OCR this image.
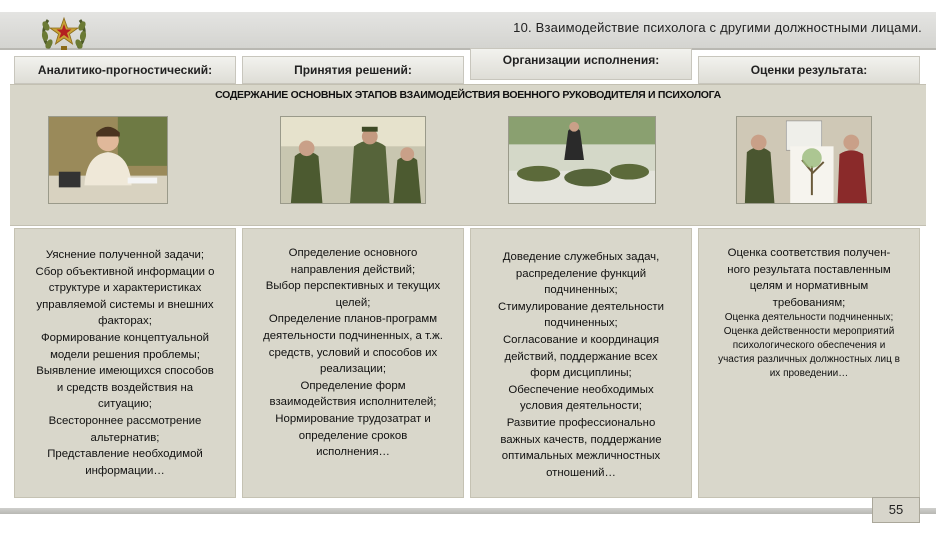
10. Взаимодействие психолога с другими должностными лицами.
Аналитико-прогностический:	Принятия решений:
Организации исполнения:
Оценки результата:
СОДЕРЖАНИЕ ОСНОВНЫХ ЭТАПОВ ВЗАИМОДЕЙСТВИЯ ВОЕННОГО РУКОВОДИТЕЛЯ И ПСИХОЛОГА
Уяснение полученной задачи;
Сбор объективной информации о
структуре и характеристиках
управляемой системы и внешних
факторах;
Формирование концептуальной
модели решения проблемы;
Выявление имеющихся способов
и средств воздействия на
ситуацию;
Всестороннее рассмотрение
альтернатив;
Представление необходимой
информации…
Определение основного
направления действий;
Выбор перспективных и текущих
целей;
Определение планов-программ
деятельности подчиненных, а т.ж.
средств, условий и способов их
реализации;
Определение форм
взаимодействия исполнителей;
Нормирование трудозатрат и
определение сроков
исполнения…
Доведение служебных задач,
распределение функций
подчиненных;
Стимулирование деятельности
подчиненных;
Согласование и координация
действий, поддержание всех
форм дисциплины;
Обеспечение необходимых
условия деятельности;
Развитие профессионально
важных качеств, поддержание
оптимальных межличностных
отношений…
Оценка соответствия получен-
ного результата поставленным
целям и нормативным
требованиям;
Оценка деятельности подчиненных;
Оценка действенности мероприятий
психологического обеспечения и
участия различных должностных лиц в
их проведении…
55
